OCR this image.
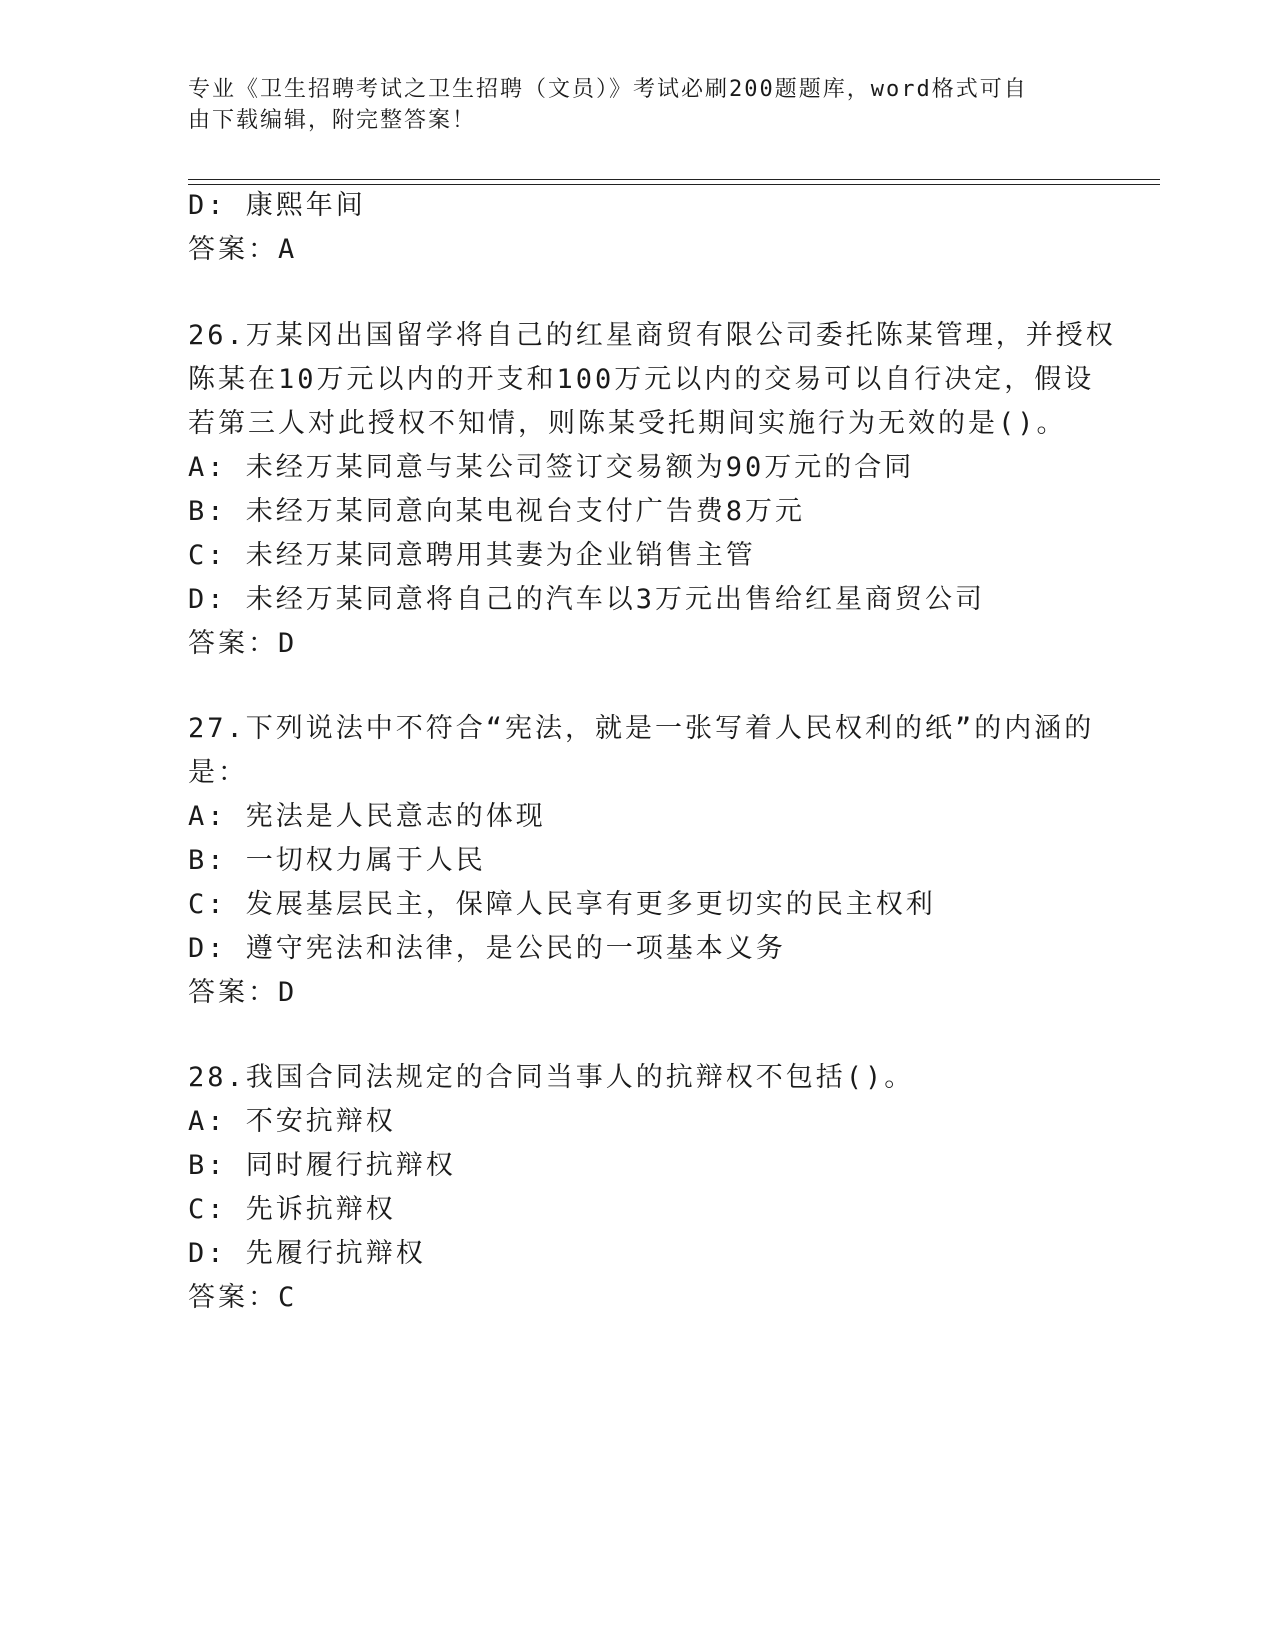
专业《卫生招聘考试之卫生招聘（文员）》考试必刷200题题库，word格式可自
由下载编辑，附完整答案！
D: 康熙年间
答案：A
26.万某冈出国留学将自己的红星商贸有限公司委托陈某管理，并授权
陈某在10万元以内的开支和100万元以内的交易可以自行决定，假设
若第三人对此授权不知情，则陈某受托期间实施行为无效的是()。
A: 未经万某同意与某公司签订交易额为90万元的合同
B: 未经万某同意向某电视台支付广告费8万元
C: 未经万某同意聘用其妻为企业销售主管
D: 未经万某同意将自己的汽车以3万元出售给红星商贸公司
答案：D
27.下列说法中不符合“宪法，就是一张写着人民权利的纸”的内涵的
是：
A: 宪法是人民意志的体现
B: 一切权力属于人民
C: 发展基层民主，保障人民享有更多更切实的民主权利
D: 遵守宪法和法律，是公民的一项基本义务
答案：D
28.我国合同法规定的合同当事人的抗辩权不包括()。
A: 不安抗辩权
B: 同时履行抗辩权
C: 先诉抗辩权
D: 先履行抗辩权
答案：C
